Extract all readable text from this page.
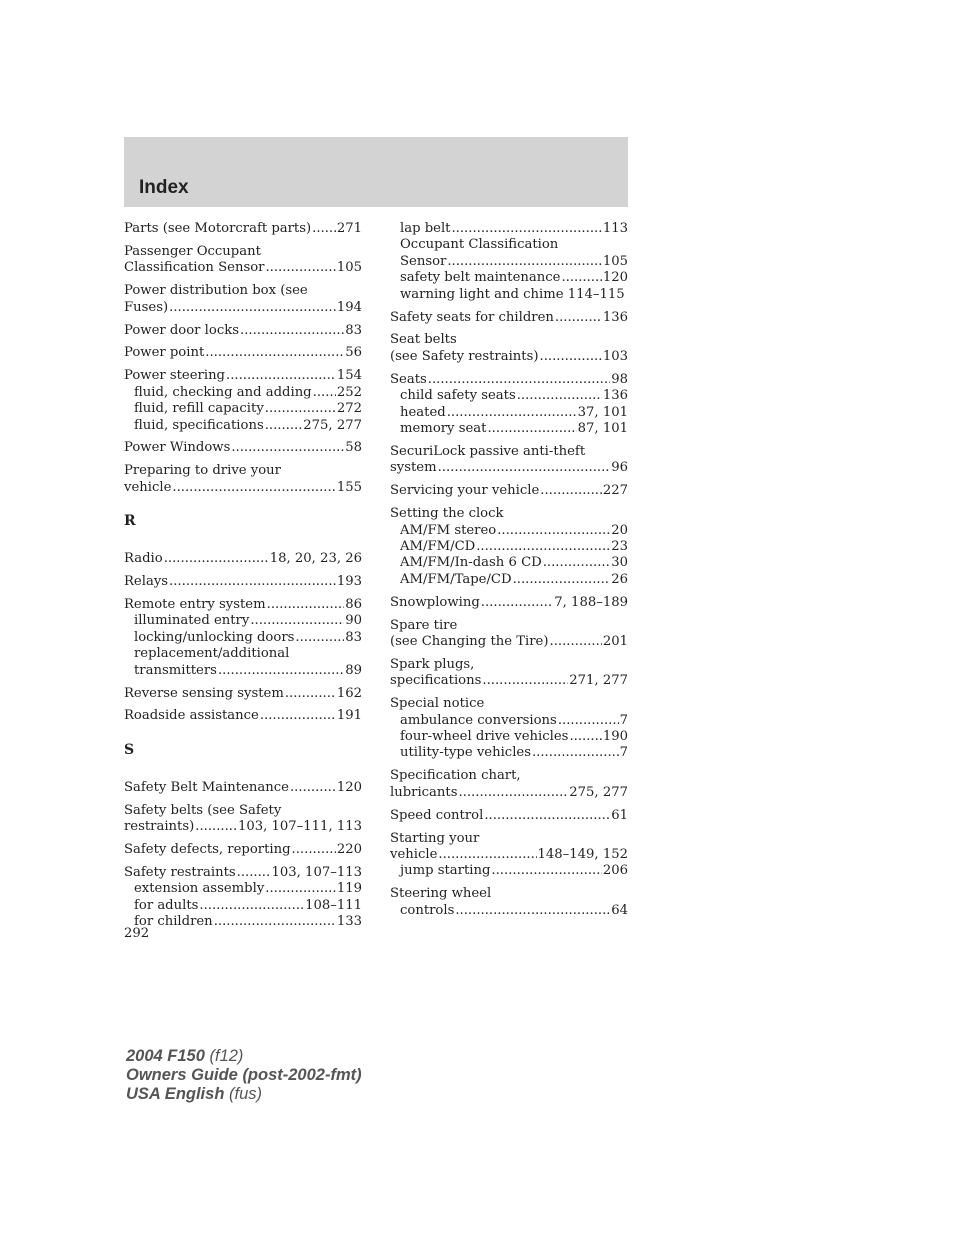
Index
Parts (see Motorcraft parts) ..... 271
Passenger Occupant
Classification Sensor .....	105
Power distribution box (see
Fuses) .....	194
Power door locks .....	83
Power point .....	56
Power steering .....	154
fluid, checking and adding ..... 252
fluid, refill capacity .....	272
fluid, specifications .....	275, 277
Power Windows .....	58
Preparing to drive your
vehicle .....	155
R
Radio .....	18, 20, 23, 26
Relays .....	193
Remote entry system .....	86
illuminated entry .....	90
locking/unlocking doors .....	83
replacement/additional
transmitters .....	89
Reverse sensing system .....	162
Roadside assistance .....	191
S
Safety Belt Maintenance .....	120
Safety belts (see Safety
restraints) .....	103, 107–111, 113
Safety defects, reporting .....	220
Safety restraints .....	103, 107–113
extension assembly .....	119
for adults .....	108–111
for children .....	133
lap belt .....	113
Occupant Classification
Sensor .....	105
safety belt maintenance .....	120
warning light and chime
114–115
Safety seats for children .....	136
Seat belts
(see Safety restraints) .....	103
Seats .....	98
child safety seats .....	136
heated .....	37, 101
memory seat .....	87, 101
SecuriLock passive anti-theft
system .....	96
Servicing your vehicle .....	227
Setting the clock
AM/FM stereo .....	20
AM/FM/CD .....	23
AM/FM/In-dash 6 CD .....	30
AM/FM/Tape/CD .....	26
Snowplowing .....	7, 188–189
Spare tire
(see Changing the Tire) .....	201
Spark plugs,
specifications .....	271, 277
Special notice
ambulance conversions .....	7
four-wheel drive vehicles .....	190
utility-type vehicles .....	7
Specification chart,
lubricants .....	275, 277
Speed control .....	61
Starting your
vehicle .....	148–149, 152
jump starting .....	206
Steering wheel
controls .....	64
292
2004 F150 (f12)
Owners Guide (post-2002-fmt)
USA English (fus)
